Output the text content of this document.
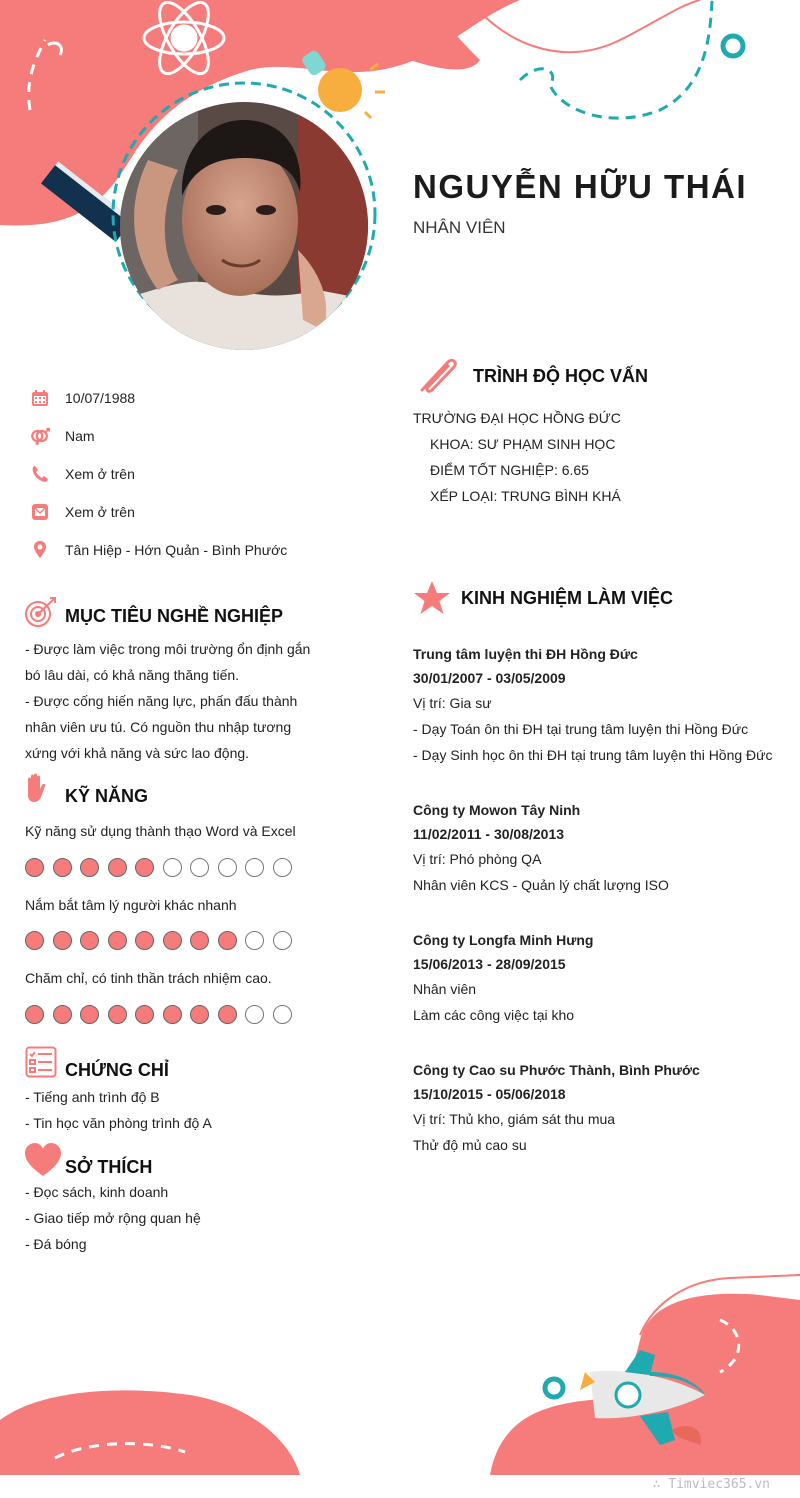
NGUYỄN HỮU THÁI
NHÂN VIÊN
10/07/1988
Nam
Xem ở trên
Xem ở trên
Tân Hiệp - Hớn Quản - Bình Phước
MỤC TIÊU NGHỀ NGHIỆP
- Được làm việc trong môi trường ổn định gắn
bó lâu dài, có khả năng thăng tiến.
- Được cống hiến năng lực, phấn đấu thành
nhân viên ưu tú. Có nguồn thu nhập tương
xứng với khả năng và sức lao động.
KỸ NĂNG
Kỹ năng sử dụng thành thạo Word và Excel
Nắm bắt tâm lý người khác nhanh
Chăm chỉ, có tinh thần trách nhiệm cao.
CHỨNG CHỈ
- Tiếng anh trình độ B
- Tin học văn phòng trình độ A
SỞ THÍCH
- Đọc sách, kinh doanh
- Giao tiếp mở rộng quan hệ
- Đá bóng
TRÌNH ĐỘ HỌC VẤN
TRƯỜNG ĐẠI HỌC HỒNG ĐỨC
KHOA: SƯ PHẠM SINH HỌC
ĐIỂM TỐT NGHIỆP: 6.65
XẾP LOẠI: TRUNG BÌNH KHÁ
KINH NGHIỆM LÀM VIỆC
Trung tâm luyện thi ĐH Hồng Đức
30/01/2007 - 03/05/2009
Vị trí: Gia sư
- Dạy Toán ôn thi ĐH tại trung tâm luyện thi Hồng Đức
- Dạy Sinh học ôn thi ĐH tại trung tâm luyện thi Hồng Đức
Công ty Mowon Tây Ninh
11/02/2011 - 30/08/2013
Vị trí: Phó phòng QA
Nhân viên KCS - Quản lý chất lượng ISO
Công ty Longfa Minh Hưng
15/06/2013 - 28/09/2015
Nhân viên
Làm các công việc tại kho
Công ty Cao su Phước Thành, Bình Phước
15/10/2015 - 05/06/2018
Vị trí: Thủ kho, giám sát thu mua
Thử độ mủ cao su
∴ Timviec365.vn
